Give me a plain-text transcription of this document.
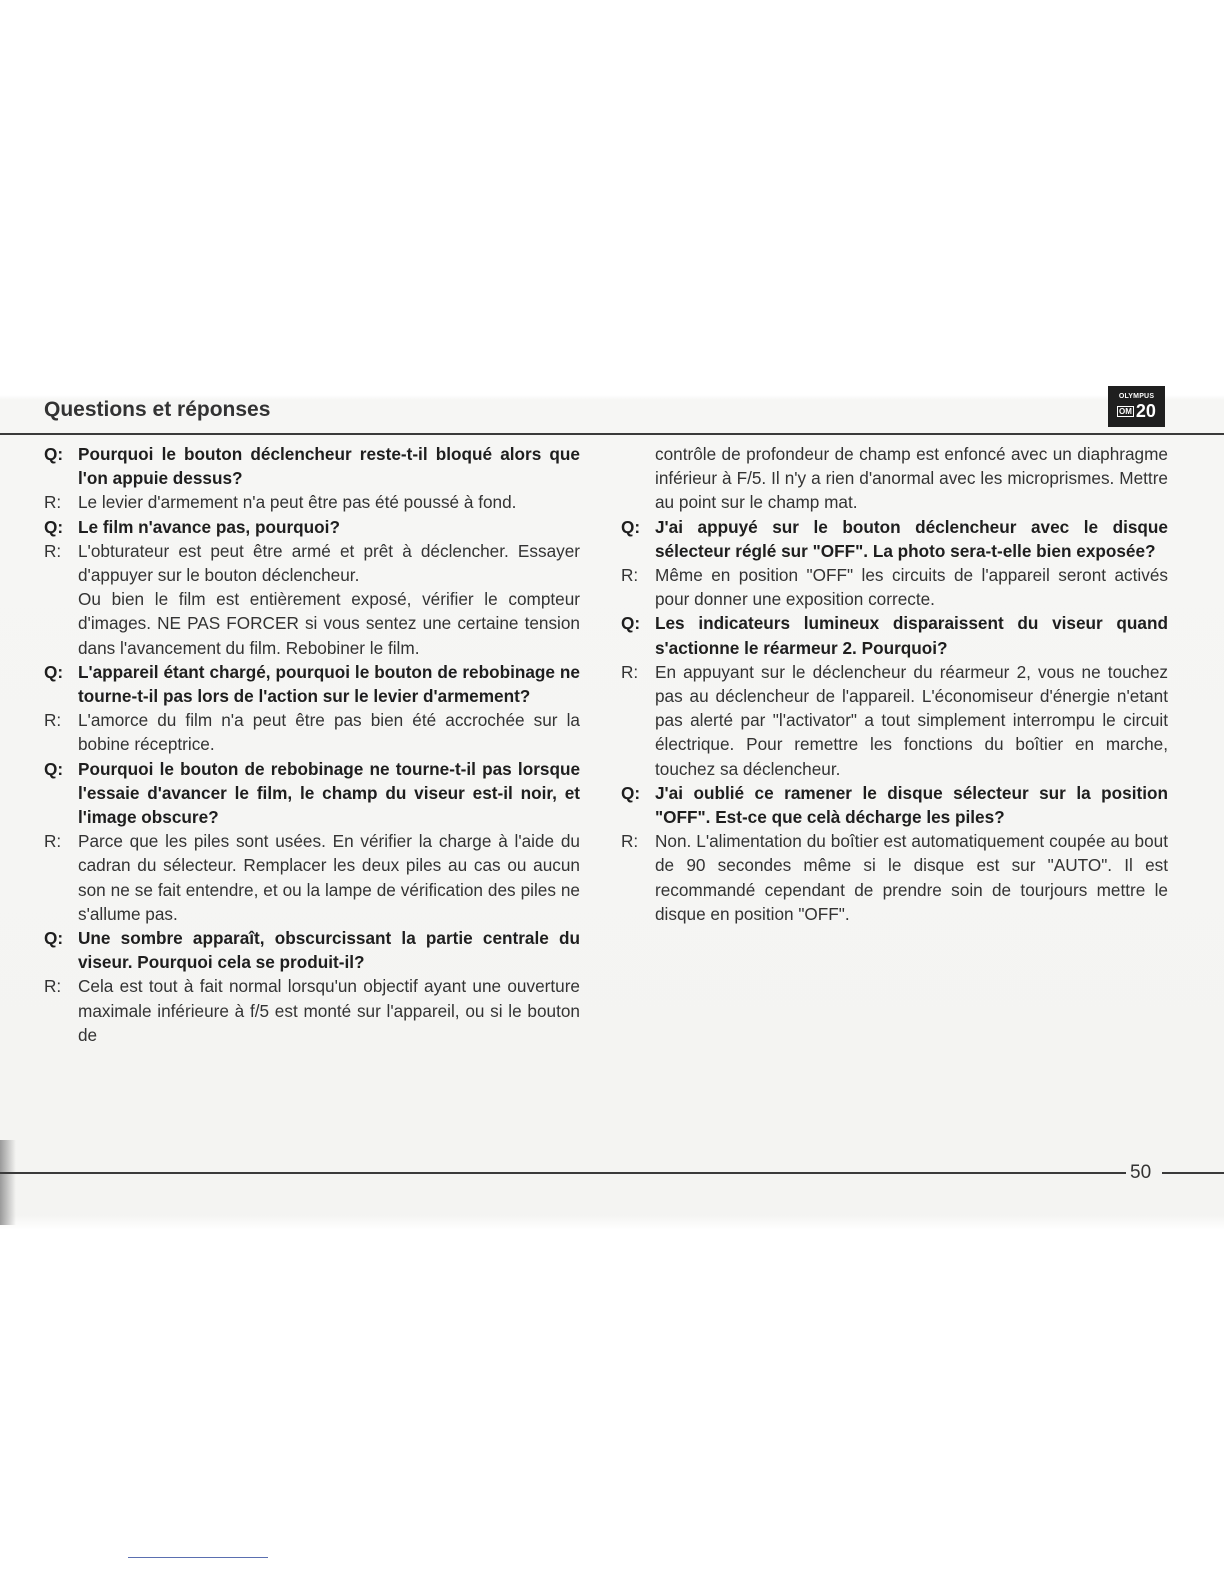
Questions et réponses
OLYMPUS
OM 20
Q: Pourquoi le bouton déclencheur reste-t-il bloqué alors que l'on appuie dessus?
R: Le levier d'armement n'a peut être pas été poussé à fond.
Q: Le film n'avance pas, pourquoi?
R: L'obturateur est peut être armé et prêt à déclencher. Essayer d'appuyer sur le bouton déclencheur.
Ou bien le film est entièrement exposé, vérifier le compteur d'images. NE PAS FORCER si vous sentez une certaine tension dans l'avancement du film. Rebobiner le film.
Q: L'appareil étant chargé, pourquoi le bouton de rebobinage ne tourne-t-il pas lors de l'action sur le levier d'armement?
R: L'amorce du film n'a peut être pas bien été accrochée sur la bobine réceptrice.
Q: Pourquoi le bouton de rebobinage ne tourne-t-il pas lorsque l'essaie d'avancer le film, le champ du viseur est-il noir, et l'image obscure?
R: Parce que les piles sont usées. En vérifier la charge à l'aide du cadran du sélecteur. Remplacer les deux piles au cas ou aucun son ne se fait entendre, et ou la lampe de vérification des piles ne s'allume pas.
Q: Une sombre apparaît, obscurcissant la partie centrale du viseur. Pourquoi cela se produit-il?
R: Cela est tout à fait normal lorsqu'un objectif ayant une ouverture maximale inférieure à f/5 est monté sur l'appareil, ou si le bouton de
contrôle de profondeur de champ est enfoncé avec un diaphragme inférieur à F/5. Il n'y a rien d'anormal avec les microprismes. Mettre au point sur le champ mat.
Q: J'ai appuyé sur le bouton déclencheur avec le disque sélecteur réglé sur "OFF". La photo sera-t-elle bien exposée?
R: Même en position "OFF" les circuits de l'appareil seront activés pour donner une exposition correcte.
Q: Les indicateurs lumineux disparaissent du viseur quand s'actionne le réarmeur 2. Pourquoi?
R: En appuyant sur le déclencheur du réarmeur 2, vous ne touchez pas au déclencheur de l'appareil. L'économiseur d'énergie n'etant pas alerté par "l'activator" a tout simplement interrompu le circuit électrique. Pour remettre les fonctions du boîtier en marche, touchez sa déclencheur.
Q: J'ai oublié ce ramener le disque sélecteur sur la position "OFF". Est-ce que celà décharge les piles?
R: Non. L'alimentation du boîtier est automatiquement coupée au bout de 90 secondes même si le disque est sur "AUTO". Il est recommandé cependant de prendre soin de tourjours mettre le disque en position "OFF".
50
